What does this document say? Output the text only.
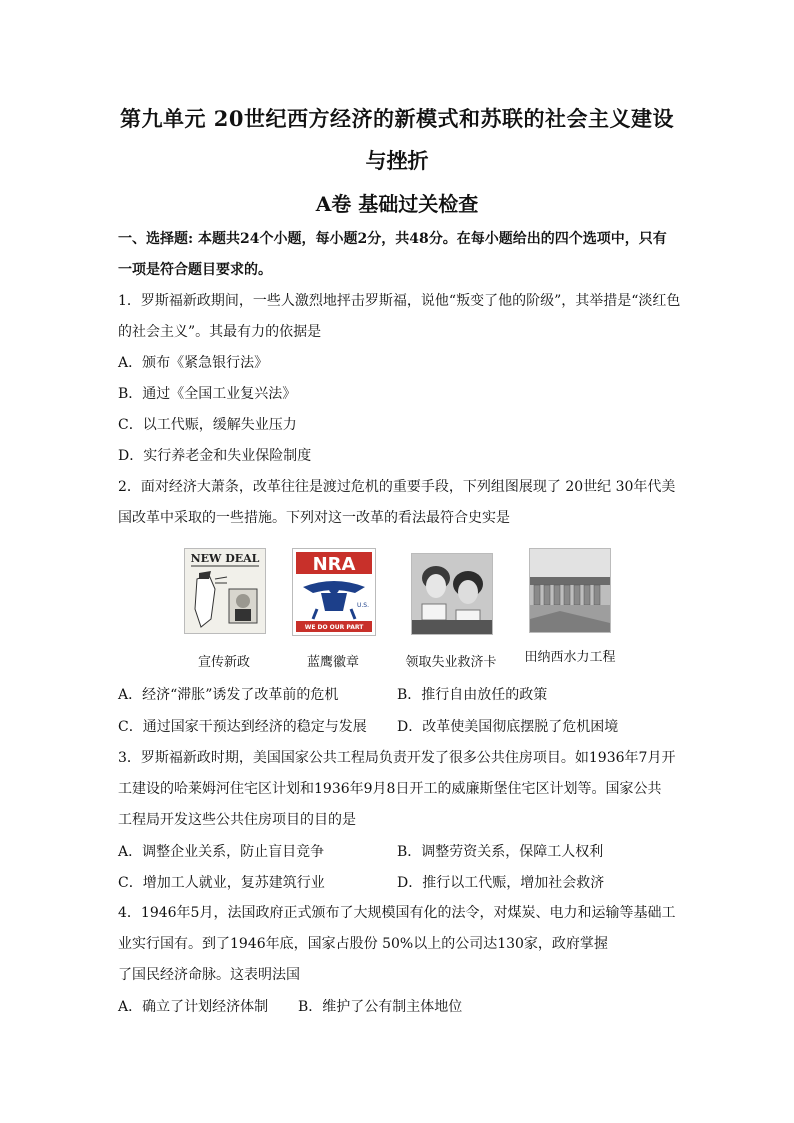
第九单元 20世纪西方经济的新模式和苏联的社会主义建设
与挫折
A卷 基础过关检查
一、选择题: 本题共24个小题，每小题2分，共48分。在每小题给出的四个选项中，只有
一项是符合题目要求的。
1．罗斯福新政期间，一些人激烈地抨击罗斯福，说他“叛变了他的阶级”，其举措是“淡红色
的社会主义”。其最有力的依据是
A．颁布《紧急银行法》
B．通过《全国工业复兴法》
C．以工代赈，缓解失业压力
D．实行养老金和失业保险制度
2．面对经济大萧条，改革往往是渡过危机的重要手段，下列组图展现了 20世纪 30年代美
国改革中采取的一些措施。下列对这一改革的看法最符合史实是
NEW DEAL
宣传新政
NRA
U.S.
WE DO OUR PART
蓝鹰徽章	领取失业救济卡	田纳西水力工程
A．经济“滞胀”诱发了改革前的危机	B．推行自由放任的政策
C．通过国家干预达到经济的稳定与发展 D．改革使美国彻底摆脱了危机困境
3．罗斯福新政时期，美国国家公共工程局负责开发了很多公共住房项目。如1936年7月开
工建设的哈莱姆河住宅区计划和1936年9月8日开工的威廉斯堡住宅区计划等。国家公共
工程局开发这些公共住房项目的目的是
A．调整企业关系，防止盲目竞争	B．调整劳资关系，保障工人权利
C．增加工人就业，复苏建筑行业	D．推行以工代赈，增加社会救济
4．1946年5月，法国政府正式颁布了大规模国有化的法令，对煤炭、电力和运输等基础工
业实行国有。到了1946年底，国家占股份 50%以上的公司达130家，政府掌握
了国民经济命脉。这表明法国
A．确立了计划经济体制 B．维护了公有制主体地位
